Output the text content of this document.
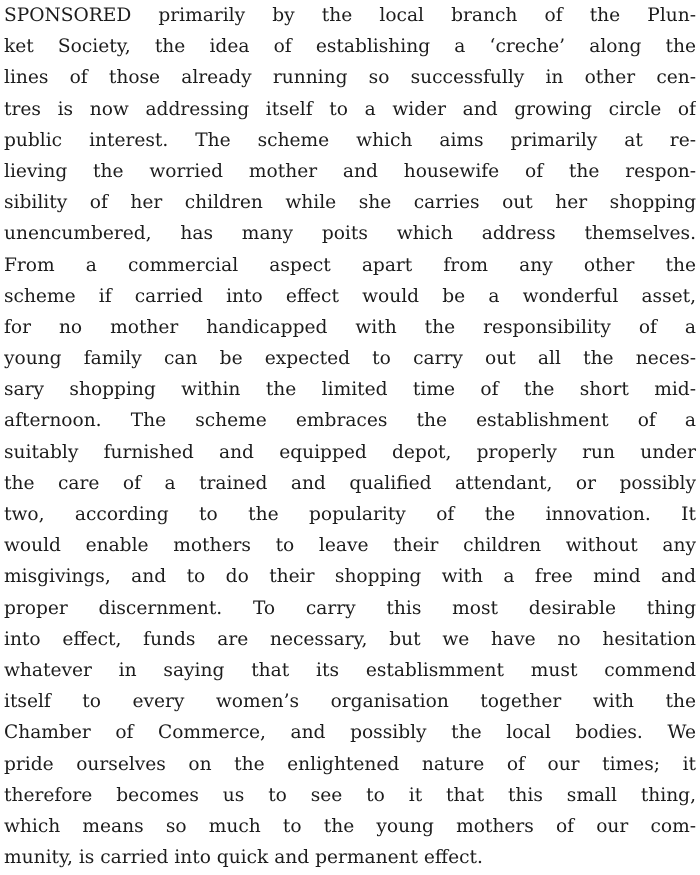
SPONSORED primarily by the local branch of the Plun-
ket Society, the idea of establishing a ‘creche’ along the
lines of those already running so successfully in other cen-
tres is now addressing itself to a wider and growing circle of
public interest. The scheme which aims primarily at re-
lieving the worried mother and housewife of the respon-
sibility of her children while she carries out her shopping
unencumbered, has many poits which address themselves.
From a commercial aspect apart from any other the
scheme if carried into effect would be a wonderful asset,
for no mother handicapped with the responsibility of a
young family can be expected to carry out all the neces-
sary shopping within the limited time of the short mid-
afternoon. The scheme embraces the establishment of a
suitably furnished and equipped depot, properly run under
the care of a trained and qualified attendant, or possibly
two, according to the popularity of the innovation. It
would enable mothers to leave their children without any
misgivings, and to do their shopping with a free mind and
proper discernment. To carry this most desirable thing
into effect, funds are necessary, but we have no hesitation
whatever in saying that its establismment must commend
itself to every women’s organisation together with the
Chamber of Commerce, and possibly the local bodies. We
pride ourselves on the enlightened nature of our times; it
therefore becomes us to see to it that this small thing,
which means so much to the young mothers of our com-
munity, is carried into quick and permanent effect.
